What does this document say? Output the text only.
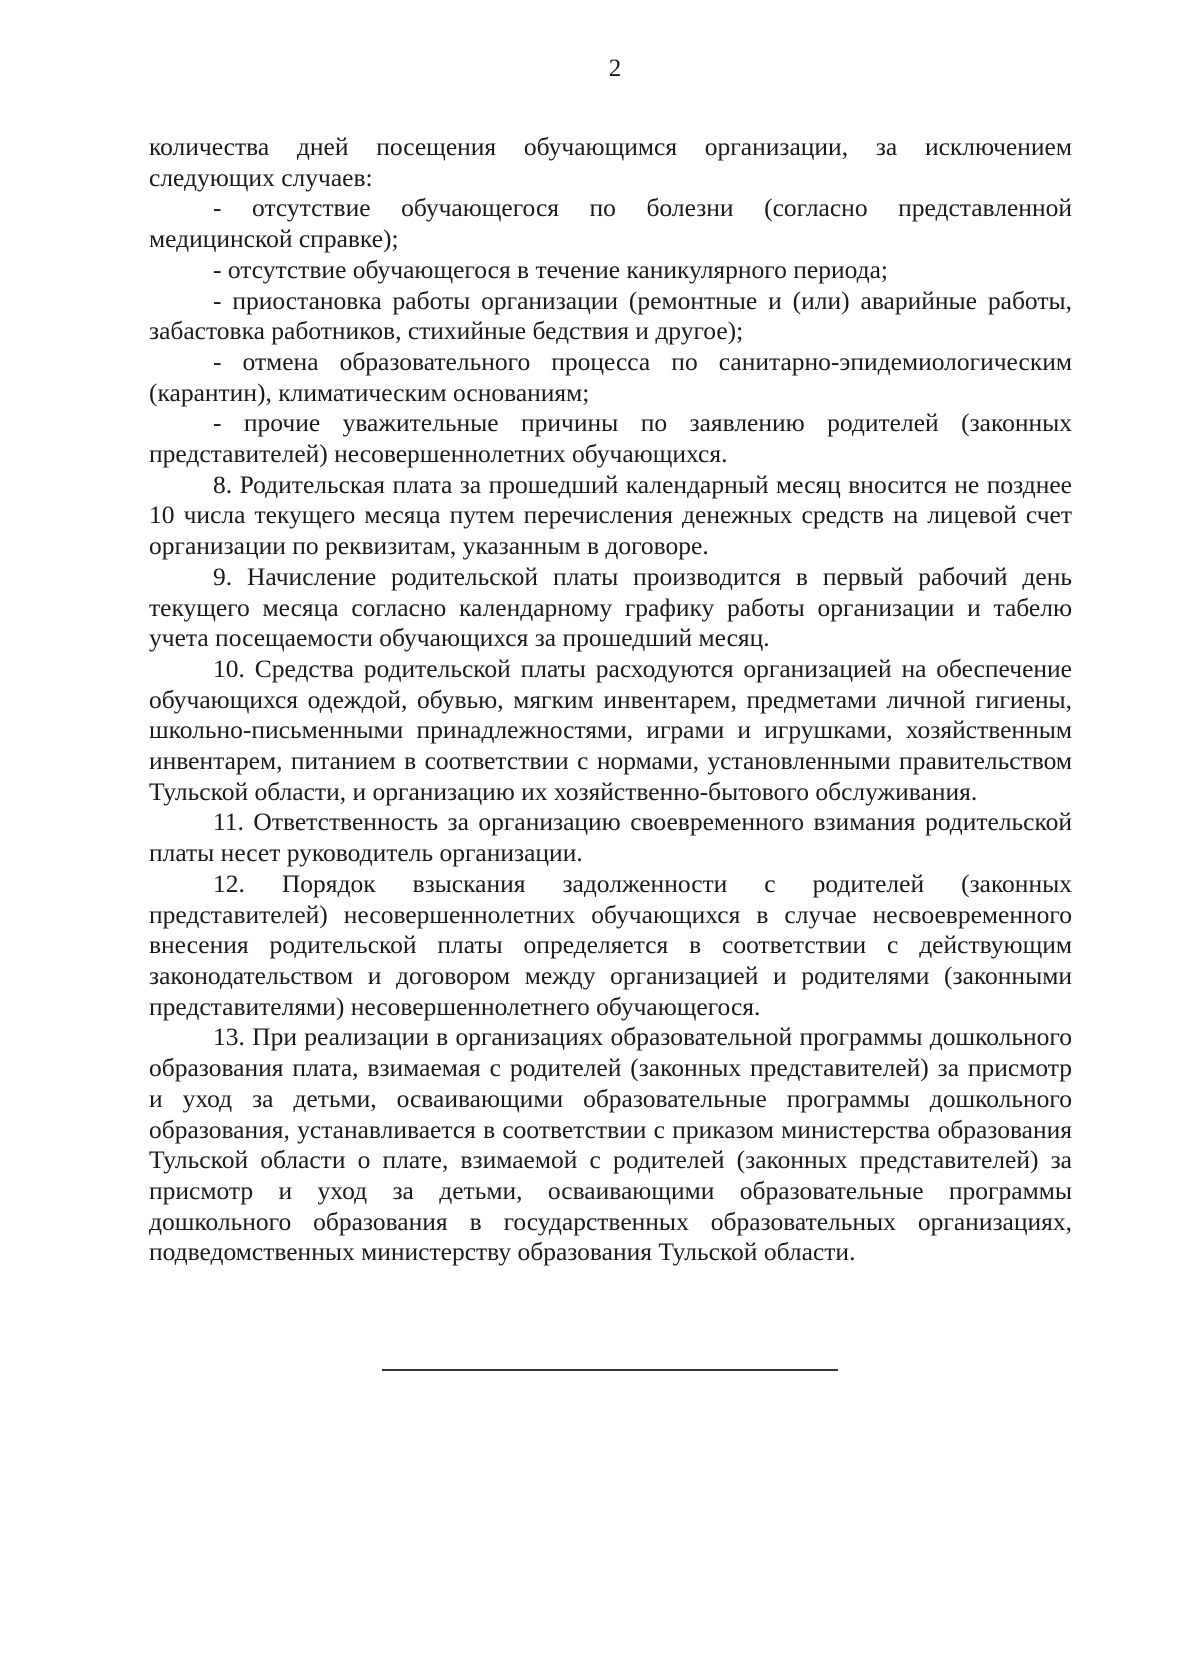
2

количества дней посещения обучающимся организации, за исключением следующих случаев:

- отсутствие обучающегося по болезни (согласно представленной медицинской справке);

- отсутствие обучающегося в течение каникулярного периода;

- приостановка работы организации (ремонтные и (или) аварийные работы, забастовка работников, стихийные бедствия и другое);

- отмена образовательного процесса по санитарно-эпидемиологическим (карантин), климатическим основаниям;

- прочие уважительные причины по заявлению родителей (законных представителей) несовершеннолетних обучающихся.

8. Родительская плата за прошедший календарный месяц вносится не позднее 10 числа текущего месяца путем перечисления денежных средств на лицевой счет организации по реквизитам, указанным в договоре.

9. Начисление родительской платы производится в первый рабочий день текущего месяца согласно календарному графику работы организации и табелю учета посещаемости обучающихся за прошедший месяц.

10. Средства родительской платы расходуются организацией на обеспечение обучающихся одеждой, обувью, мягким инвентарем, предметами личной гигиены, школьно-письменными принадлежностями, играми и игрушками, хозяйственным инвентарем, питанием в соответствии с нормами, установленными правительством Тульской области, и организацию их хозяйственно-бытового обслуживания.

11. Ответственность за организацию своевременного взимания родительской платы несет руководитель организации.

12. Порядок взыскания задолженности с родителей (законных представителей) несовершеннолетних обучающихся в случае несвоевременного внесения родительской платы определяется в соответствии с действующим законодательством и договором между организацией и родителями (законными представителями) несовершеннолетнего обучающегося.

13. При реализации в организациях образовательной программы дошкольного образования плата, взимаемая с родителей (законных представителей) за присмотр и уход за детьми, осваивающими образовательные программы дошкольного образования, устанавливается в соответствии с приказом министерства образования Тульской области о плате, взимаемой с родителей (законных представителей) за присмотр и уход за детьми, осваивающими образовательные программы дошкольного образования в государственных образовательных организациях, подведомственных министерству образования Тульской области.
